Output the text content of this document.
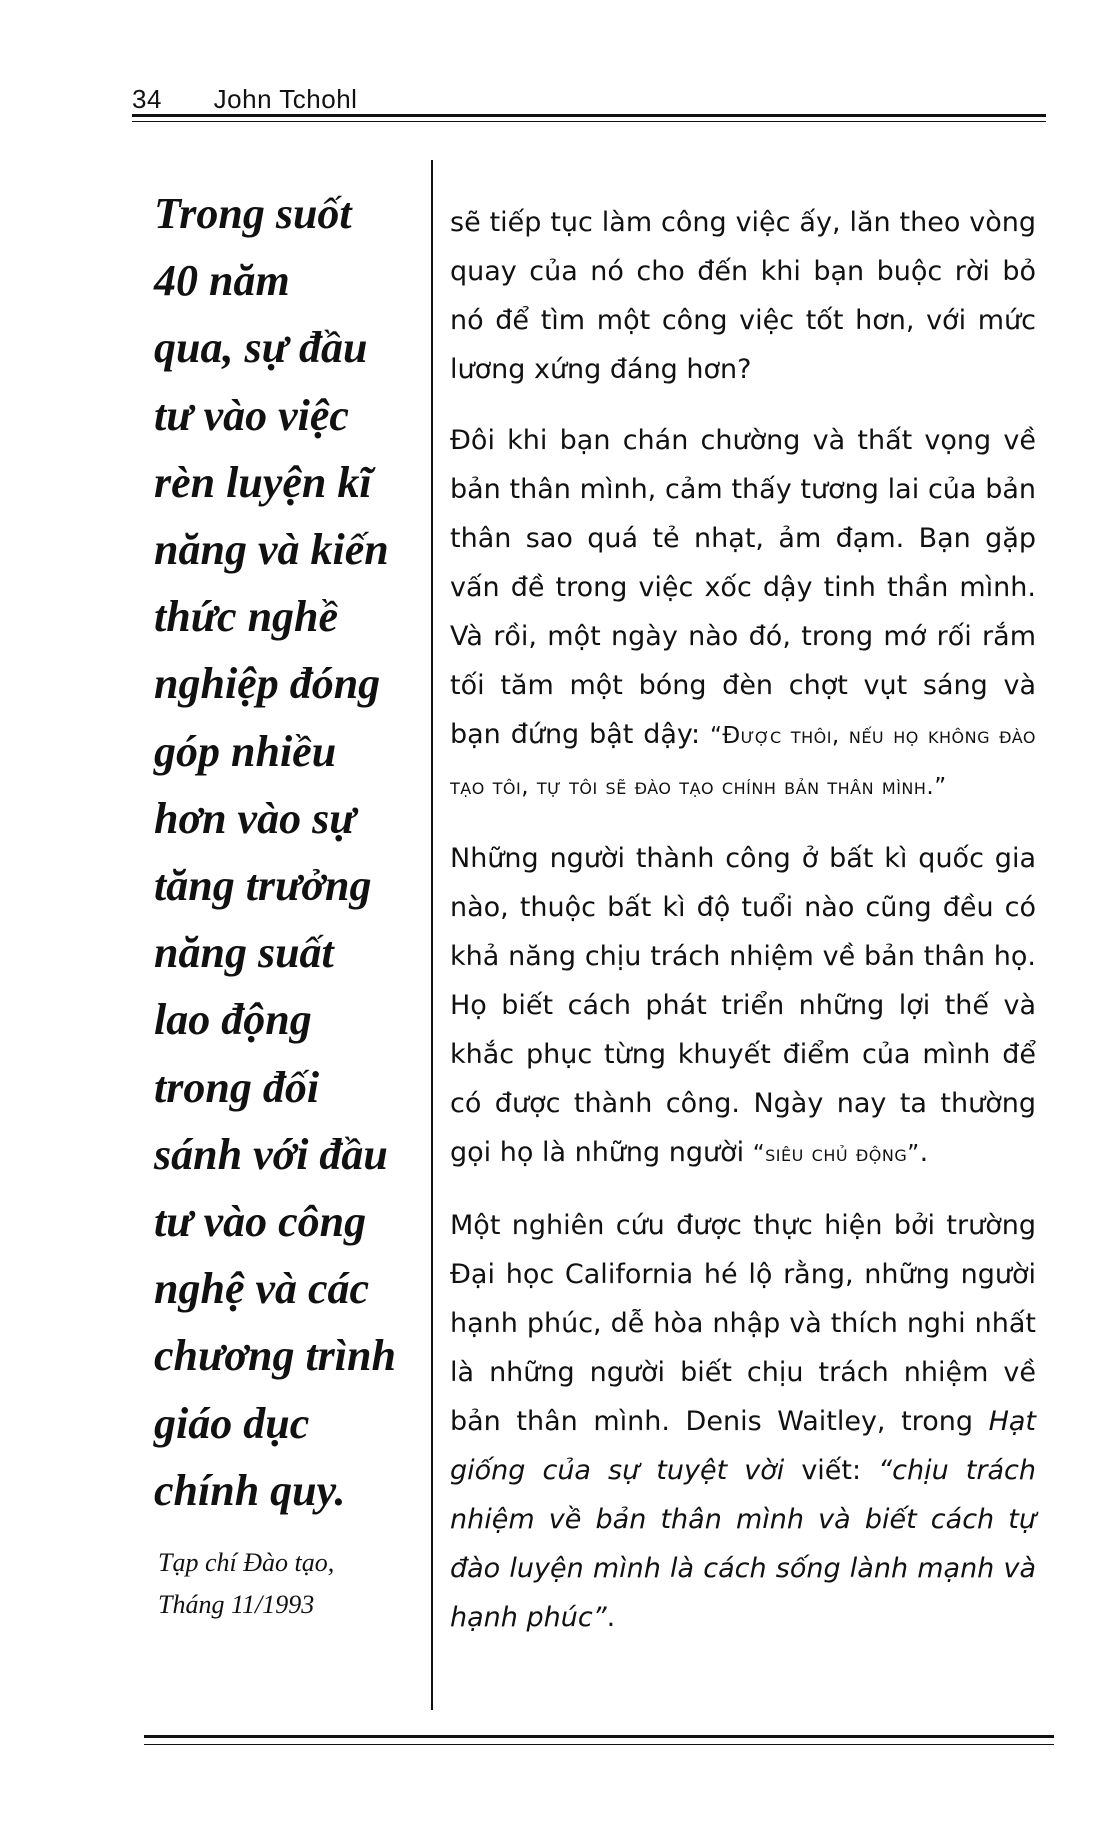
34 John Tchohl
Trong suốt
40 năm
qua, sự đầu
tư vào việc
rèn luyện kĩ
năng và kiến
thức nghề
nghiệp đóng
góp nhiều
hơn vào sự
tăng trưởng
năng suất
lao động
trong đối
sánh với đầu
tư vào công
nghệ và các
chương trình
giáo dục
chính quy.
Tạp chí Đào tạo,
Tháng 11/1993

sẽ tiếp tục làm công việc ấy, lăn theo vòng quay của nó cho đến khi bạn buộc rời bỏ nó để tìm một công việc tốt hơn, với mức lương xứng đáng hơn?

Đôi khi bạn chán chường và thất vọng về bản thân mình, cảm thấy tương lai của bản thân sao quá tẻ nhạt, ảm đạm. Bạn gặp vấn đề trong việc xốc dậy tinh thần mình. Và rồi, một ngày nào đó, trong mớ rối rắm tối tăm một bóng đèn chợt vụt sáng và bạn đứng bật dậy: “Được thôi, nếu họ không đào tạo tôi, tự tôi sẽ đào tạo chính bản thân mình.”

Những người thành công ở bất kì quốc gia nào, thuộc bất kì độ tuổi nào cũng đều có khả năng chịu trách nhiệm về bản thân họ. Họ biết cách phát triển những lợi thế và khắc phục từng khuyết điểm của mình để có được thành công. Ngày nay ta thường gọi họ là những người “siêu chủ động”.

Một nghiên cứu được thực hiện bởi trường Đại học California hé lộ rằng, những người hạnh phúc, dễ hòa nhập và thích nghi nhất là những người biết chịu trách nhiệm về bản thân mình. Denis Waitley, trong Hạt giống của sự tuyệt vời viết: “chịu trách nhiệm về bản thân mình và biết cách tự đào luyện mình là cách sống lành mạnh và hạnh phúc”.
